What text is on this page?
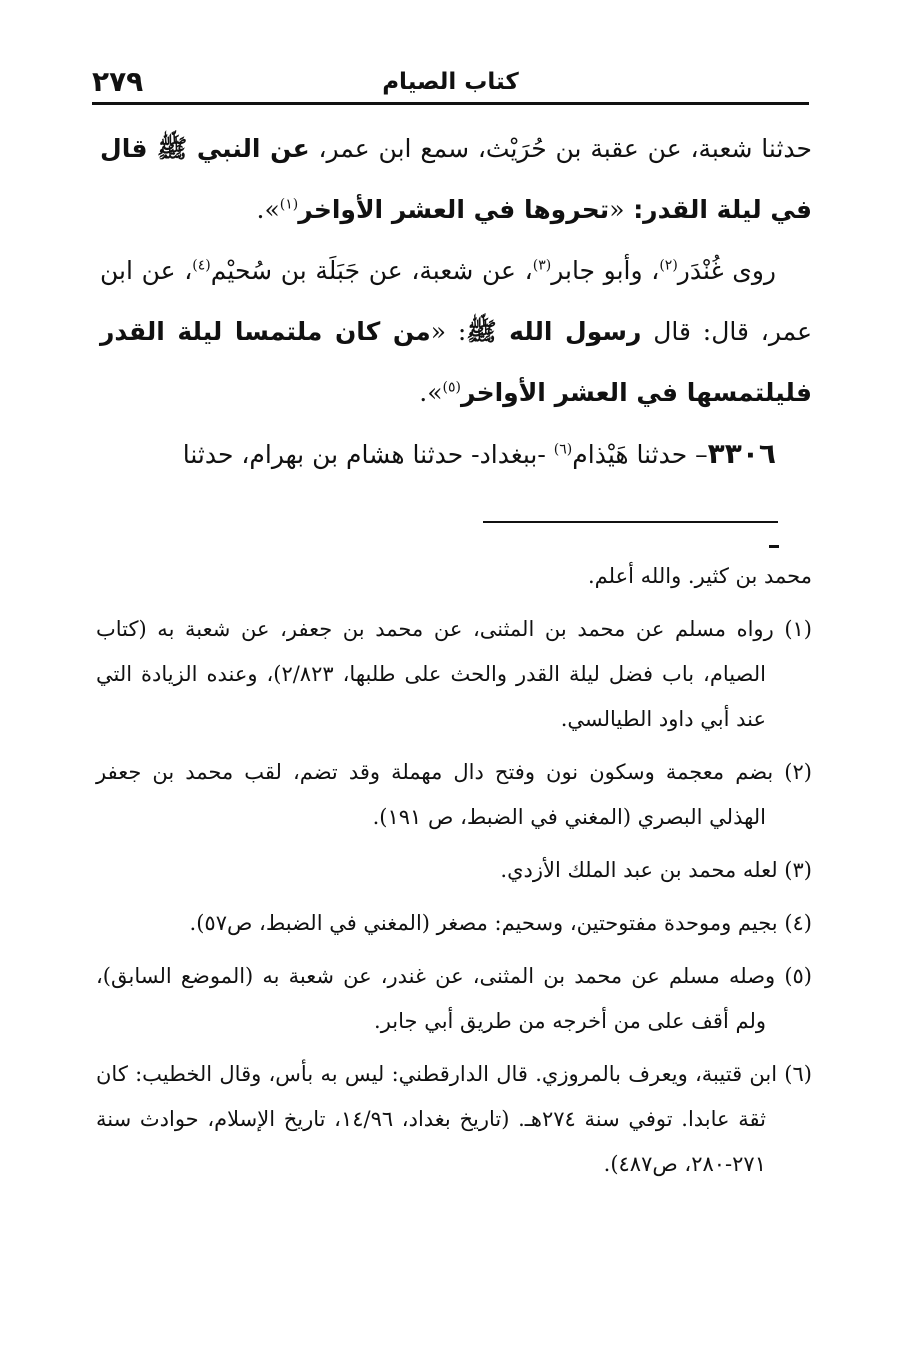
٢٧٩	كتاب الصيام

حدثنا شعبة، عن عقبة بن حُرَيْث، سمع ابن عمر، عن النبي ﷺ قال في ليلة القدر: «تحروها في العشر الأواخر$^{(١)}$».

روى غُنْدَر$^{(٢)}$، وأبو جابر$^{(٣)}$، عن شعبة، عن جَبَلَة بن سُحيْم$^{(٤)}$، عن ابن عمر، قال: قال رسول الله ﷺ: «من كان ملتمسا ليلة القدر فليلتمسها في العشر الأواخر$^{(٥)}$».

٣٣٠٦– حدثنا هَيْذام$^{(٦)}$ -ببغداد- حدثنا هشام بن بهرام، حدثنا

محمد بن كثير. والله أعلم.

(١) رواه مسلم عن محمد بن المثنى، عن محمد بن جعفر، عن شعبة به (كتاب الصيام، باب فضل ليلة القدر والحث على طلبها، ٢/٨٢٣)، وعنده الزيادة التي عند أبي داود الطيالسي.

(٢) بضم معجمة وسكون نون وفتح دال مهملة وقد تضم، لقب محمد بن جعفر الهذلي البصري (المغني في الضبط، ص ١٩١).

(٣) لعله محمد بن عبد الملك الأزدي.

(٤) بجيم وموحدة مفتوحتين، وسحيم: مصغر (المغني في الضبط، ص٥٧).

(٥) وصله مسلم عن محمد بن المثنى، عن غندر، عن شعبة به (الموضع السابق)، ولم أقف على من أخرجه من طريق أبي جابر.

(٦) ابن قتيبة، ويعرف بالمروزي. قال الدارقطني: ليس به بأس، وقال الخطيب: كان ثقة عابدا. توفي سنة ٢٧٤هـ. (تاريخ بغداد، ١٤/٩٦، تاريخ الإسلام، حوادث سنة ٢٧١-٢٨٠، ص٤٨٧).
